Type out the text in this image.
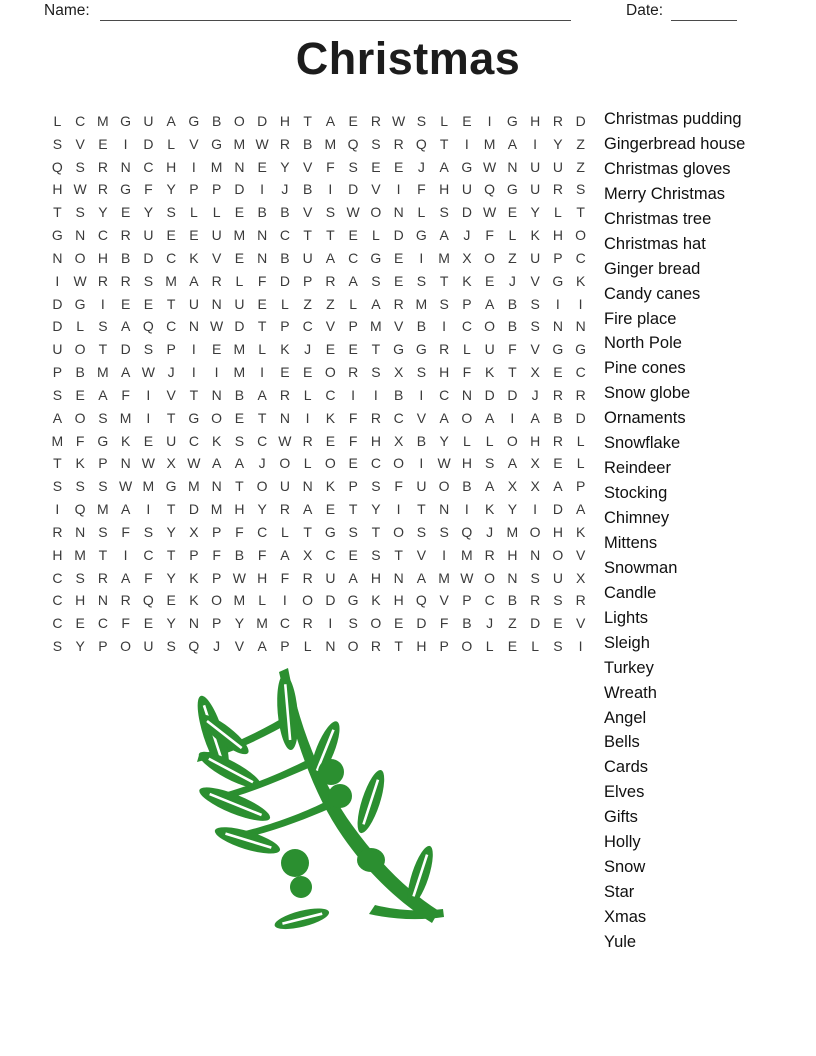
Name:	Date:
Christmas
L C M G U A G B O D H T A E R W S	L	E	I	G H R D
S V E	I	D L	V G M W R B M Q S R Q T	I	M A	I	Y Z
Q S R N C H	I	M N E Y V F S E E	J	A G W N U U Z
H W R G F Y P P D	I	J	B	I	D V	I	F H U Q G U R S
T S Y E Y S	L	L	E B B V S W O N L	S D W E Y	L	T
G N C R U E E U M N C T	T E	L D G A	J	F	L	K H O
N O H B D C K V E N B U A C G E	I	M X O Z U P C
I	W R R S M A R L	F D P R A S E S T K E	J	V G K
D G	I	E E T U N U E	L	Z	Z	L	A R M S P A B S	I	I
D L	S A Q C N W D T P C V P M V B	I	C O B S N N
U O T D S P	I	E M L	K	J	E E T G G R L U F V G G
P B M A W J	I	I	M	I	E E O R S X S H F K T X E C
S E A F	I	V T N B A R L C	I	I	B	I	C N D D	J	R R
A O S M	I	T G O E T N	I	K F R C V A O A	I	A B D
M F G K E U C K S C W R E F H X B Y	L	L O H R L
T K P N W X W A A	J O L O E C O	I	W H S A X E	L
S S S W M G M N T O U N K P S F U O B A X X A P
I	Q M A	I	T D M H Y R A E T Y	I	T N	I	K Y	I	D A
R N S F S Y X P F C L	T G S T O S S Q J M O H K
H M T	I	C T P F B F A X C E S T V	I	M R H N O V
C S R A F Y K P W H F R U A H N A M W O N S U X
C H N R Q E K O M L	I	O D G K H Q V P C B R S R
C E C F E Y N P Y M C R	I	S O E D F B	J	Z D E V
S Y P O U S Q J	V A P	L N O R T H P O L	E	L	S	I
Christmas pudding
Gingerbread house
Christmas gloves
Merry Christmas
Christmas tree
Christmas hat
Ginger bread
Candy canes
Fire place
North Pole
Pine cones
Snow globe
Ornaments
Snowflake
Reindeer
Stocking
Chimney
Mittens
Snowman
Candle
Lights
Sleigh
Turkey
Wreath
Angel
Bells
Cards
Elves
Gifts
Holly
Snow
Star
Xmas
Yule
